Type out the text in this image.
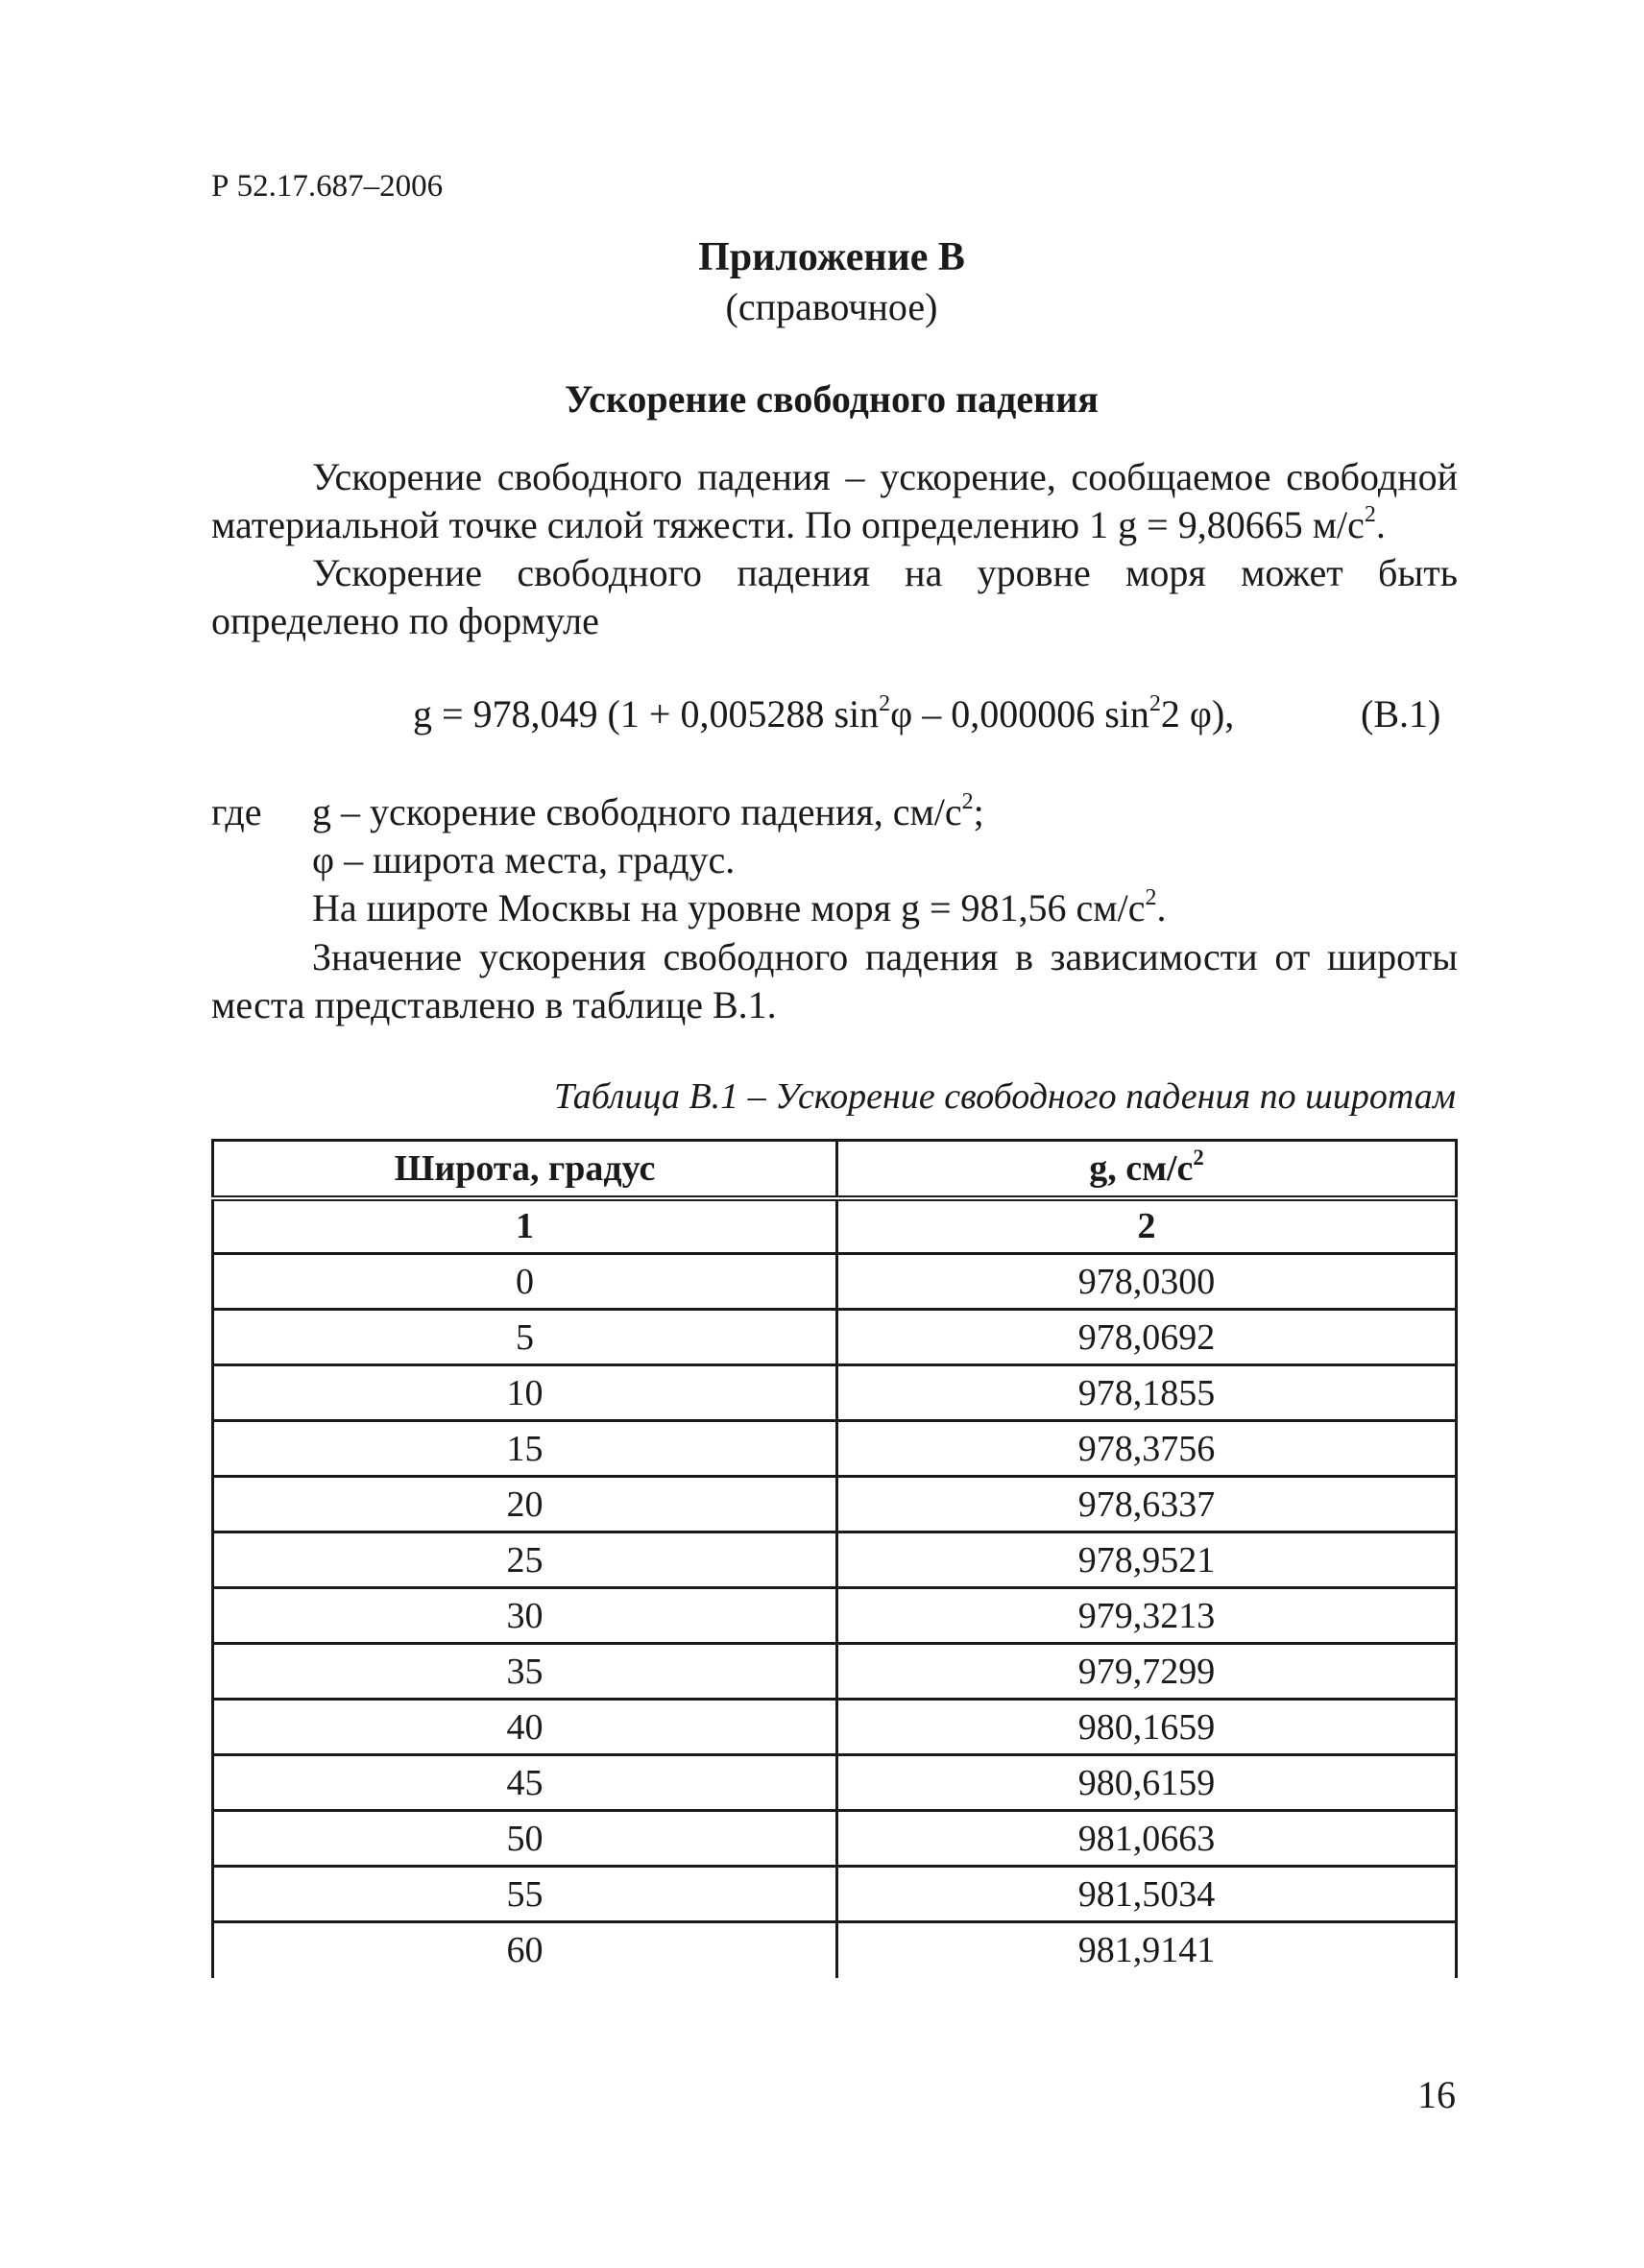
Р 52.17.687–2006
Приложение В
(справочное)
Ускорение свободного падения
Ускорение свободного падения – ускорение, сообщаемое свободной материальной точке силой тяжести. По определению 1 g = 9,80665 $м/с^2$.
Ускорение свободного падения на уровне моря может быть определено по формуле
g = 978,049 (1 + 0,005288 $\sin^2\varphi - 0,000006$ $\sin^22$ φ),	(В.1)
где g – ускорение свободного падения, $см/с^2$;
φ – широта места, градус.
На широте Москвы на уровне моря g = 981,56 $см/с^2$.
Значение ускорения свободного падения в зависимости от широты места представлено в таблице В.1.
Таблица В.1 – Ускорение свободного падения по широтам
Широта, градус	g, $см/с^2$
1	2
0	978,0300
5	978,0692
10	978,1855
15	978,3756
20	978,6337
25	978,9521
30	979,3213
35	979,7299
40	980,1659
45	980,6159
50	981,0663
55	981,5034
60	981,9141
16
